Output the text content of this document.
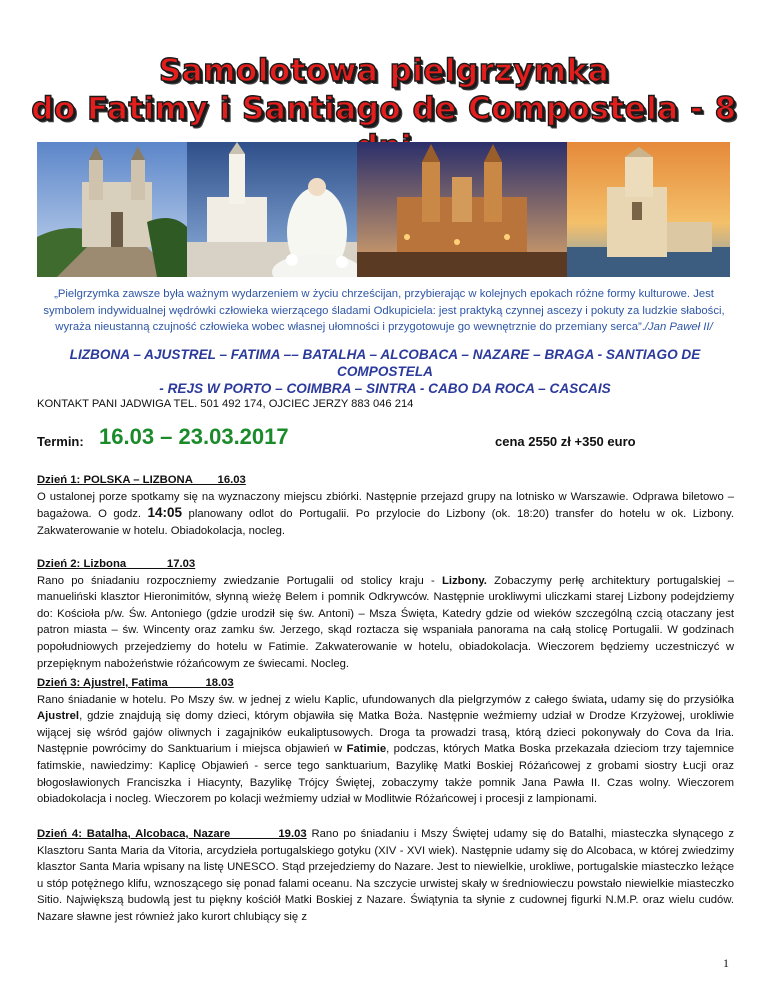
Samolotowa pielgrzymka
do Fatimy i Santiago de Compostela - 8

„Pielgrzymka zawsze była ważnym wydarzeniem w życiu chrześcijan, przybierając w kolejnych epokach różne formy kulturowe. Jest symbolem indywidualnej wędrówki człowieka wierzącego śladami Odkupiciela: jest praktyką czynnej ascezy i pokuty za ludzkie słabości, wyraża nieustanną czujność człowieka wobec własnej ułomności i przygotowuje go wewnętrznie do przemiany serca”./Jan Paweł II/

LIZBONA – AJUSTREL – FATIMA –– BATALHA – ALCOBACA – NAZARE – BRAGA - SANTIAGO DE COMPOSTELA
- REJS W PORTO – COIMBRA – SINTRA - CABO DA ROCA – CASCAIS

KONTAKT PANI JADWIGA TEL. 501 492 174, OJCIEC JERZY 883 046 214

Termin: 16.03 – 23.03.2017	cena 2550 zł +350 euro

Dzień 1: POLSKA – LIZBONA        16.03
O ustalonej porze spotkamy się na wyznaczony miejscu zbiórki. Następnie przejazd grupy na lotnisko w Warszawie. Odprawa biletowo – bagażowa. O godz. 14:05 planowany odlot do Portugalii. Po przylocie do Lizbony (ok. 18:20) transfer do hotelu w ok. Lizbony. Zakwaterowanie w hotelu. Obiadokolacja, nocleg.

Dzień 2: Lizbona             17.03
Rano po śniadaniu rozpoczniemy zwiedzanie Portugalii od stolicy kraju - Lizbony. Zobaczymy perłę architektury portugalskiej – manueliński klasztor Hieronimitów, słynną wieżę Belem i pomnik Odkrywców. Następnie urokliwymi uliczkami starej Lizbony podejdziemy do: Kościoła p/w. Św. Antoniego (gdzie urodził się św. Antoni) – Msza Święta, Katedry gdzie od wieków szczególną czcią otaczany jest patron miasta – św. Wincenty oraz zamku św. Jerzego, skąd roztacza się wspaniała panorama na całą stolicę Portugalii. W godzinach popołudniowych przejedziemy do hotelu w Fatimie. Zakwaterowanie w hotelu, obiadokolacja. Wieczorem będziemy uczestniczyć w przepięknym nabożeństwie różańcowym ze świecami. Nocleg.

Dzień 3: Ajustrel, Fatima            18.03
Rano śniadanie w hotelu. Po Mszy św. w jednej z wielu Kaplic, ufundowanych dla pielgrzymów z całego świata, udamy się do przysiółka Ajustrel, gdzie znajdują się domy dzieci, którym objawiła się Matka Boża. Następnie weźmiemy udział w Drodze Krzyżowej, urokliwie wijącej się wśród gajów oliwnych i zagajników eukaliptusowych. Droga ta prowadzi trasą, którą dzieci pokonywały do Cova da Iria. Następnie powrócimy do Sanktuarium i miejsca objawień w Fatimie, podczas, których Matka Boska przekazała dzieciom trzy tajemnice fatimskie, nawiedzimy: Kaplicę Objawień - serce tego sanktuarium, Bazylikę Matki Boskiej Różańcowej z grobami siostry Łucji oraz błogosławionych Franciszka i Hiacynty, Bazylikę Trójcy Świętej, zobaczymy także pomnik Jana Pawła II. Czas wolny. Wieczorem obiadokolacja i nocleg. Wieczorem po kolacji weźmiemy udział w Modlitwie Różańcowej i procesji z lampionami.

Dzień 4: Batalha, Alcobaca, Nazare          19.03 Rano po śniadaniu i Mszy Świętej udamy się do Batalhi, miasteczka słynącego z Klasztoru Santa Maria da Vitoria, arcydzieła portugalskiego gotyku (XIV - XVI wiek). Następnie udamy się do Alcobaca, w której zwiedzimy klasztor Santa Maria wpisany na listę UNESCO. Stąd przejedziemy do Nazare. Jest to niewielkie, urokliwe, portugalskie miasteczko leżące u stóp potężnego klifu, wznoszącego się ponad falami oceanu. Na szczycie urwistej skały w średniowieczu powstało niewielkie miasteczko Sitio. Największą budowlą jest tu piękny kościół Matki Boskiej z Nazare. Świątynia ta słynie z cudownej figurki N.M.P. oraz wielu cudów. Nazare sławne jest również jako kurort chlubiący się z

1
